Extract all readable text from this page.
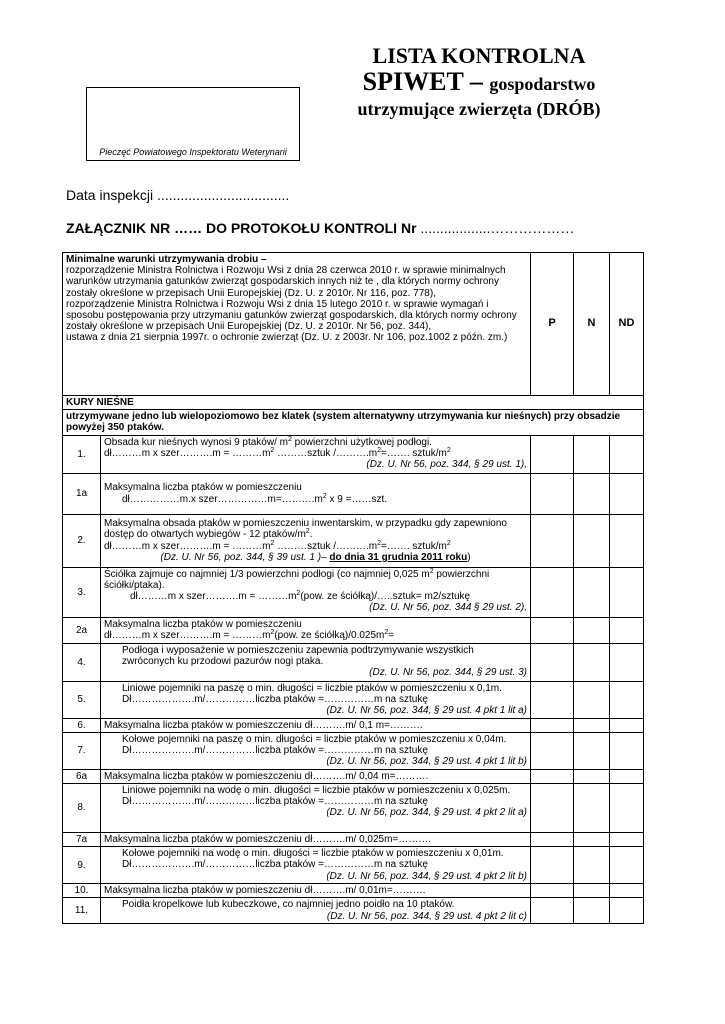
LISTA KONTROLNA
SPIWET – gospodarstwo
utrzymujące zwierzęta (DRÓB)
Pieczęć Powiatowego Inspektoratu Weterynarii
Data inspekcji ..................................
ZAŁĄCZNIK NR …… DO PROTOKOŁU KONTROLI Nr ..................………………
Minimalne warunki utrzymywania drobiu –
rozporządzenie Ministra Rolnictwa i Rozwoju Wsi z dnia 28 czerwca 2010 r. w sprawie minimalnych warunków utrzymania gatunków zwierząt gospodarskich innych niż te , dla których normy ochrony zostały określone w przepisach Unii Europejskiej (Dz. U. z 2010r. Nr 116, poz. 778),
rozporządzenie Ministra Rolnictwa i Rozwoju Wsi z dnia 15 lutego 2010 r. w sprawie wymagań i sposobu postępowania przy utrzymaniu gatunków zwierząt gospodarskich, dla których normy ochrony zostały określone w przepisach Unii Europejskiej (Dz. U. z 2010r. Nr 56, poz. 344),
ustawa z dnia 21 sierpnia 1997r. o ochronie zwierząt (Dz. U. z 2003r. Nr 106, poz.1002 z późn. zm.)		P	N	ND
KURY NIEŚNE				
utrzymywane jedno lub wielopoziomowo bez klatek (system alternatywny utrzymywania kur nieśnych) przy obsadzie powyżej 350 ptaków.				
1.	Obsada kur nieśnych wynosi 9 ptaków/ $m^2$ powierzchni użytkowej podłogi.
dł………m x szer……….m = $\dots\dots\dots m^2$ ………sztuk $/\dots\dots\dots.m^2=\dots\dots$. sztuk/$m^2$
(Dz. U. Nr 56, poz. 344, § 29 ust. 1),			

1a	Maksymalna liczba ptaków w pomieszczeniu
dł……………m.x $szer\dots\dots\dots\dots\dots m=\dots\dots\dots.m^2$ x 9 =……szt.			

2.	Maksymalna obsada ptaków w pomieszczeniu inwentarskim, w przypadku gdy zapewniono dostęp do otwartych wybiegów - 12 ptaków/$m^2$.
dł………m x szer……….m = $\dots\dots\dots m^2$ ………sztuk $/\dots\dots\dots.m^2=\dots\dots$. sztuk/$m^2$
(Dz. U. Nr 56, poz. 344, § 39 ust. 1 )– do dnia 31 grudnia 2011 roku)			

3.	Ściółka zajmuje co najmniej 1/3 powierzchni podłogi (co najmniej 0,025 $m^2$ powierzchni ściółki/ptaka).
dł………m x szer……….m = $\dots\dots\dots m^2(pow$. ze ściółką)/…..sztuk= m2/sztukę
(Dz. U. Nr 56, poz. 344 § 29 ust. 2),			

2a	Maksymalna liczba ptaków w pomieszczeniu
dł………m x szer……….m = $\dots\dots\dots m^2(pow$. ze $ściółką)/0.025m^2=$			

4.	Podłoga i wyposażenie w pomieszczeniu zapewnia podtrzymywanie wszystkich zwróconych ku przodowi pazurów nogi ptaka.
(Dz. U. Nr 56, poz. 344, § 29 ust. 3)			

5.	Liniowe pojemniki na paszę o min. długości = liczbie ptaków w pomieszczeniu x 0,1m.
Dł……………….m/……………liczba ptaków =……………m na sztukę
(Dz. U. Nr 56, poz. 344, § 29 ust. 4 pkt 1 lit a)			

6.	Maksymalna liczba ptaków w pomieszczeniu dł……….m/ 0,1 m=……….			
7.	Kołowe pojemniki na paszę o min. długości = liczbie ptaków w pomieszczeniu x 0,04m.
Dł……………….m/……………liczba ptaków =……………m na sztukę
(Dz. U. Nr 56, poz. 344, § 29 ust. 4 pkt 1 lit b)			

6a	Maksymalna liczba ptaków w pomieszczeniu dł……….m/ 0,04 m=……….			
8.	Liniowe pojemniki na wodę o min. długości = liczbie ptaków w pomieszczeniu x 0,025m.
Dł……………….m/……………liczba ptaków =……………m na sztukę
(Dz. U. Nr 56, poz. 344, § 29 ust. 4 pkt 2 lit a)			

7a	Maksymalna liczba ptaków w pomieszczeniu dł……….m/ 0,025m=……….			
9.	Kołowe pojemniki na wodę o min. długości = liczbie ptaków w pomieszczeniu x 0,01m.
Dł……………….m/……………liczba ptaków =……………m na sztukę
(Dz. U. Nr 56, poz. 344, § 29 ust. 4 pkt 2 lit b)			

10.	Maksymalna liczba ptaków w pomieszczeniu dł……….m/ 0,01m=……….			
11.	Poidła kropelkowe lub kubeczkowe, co najmniej jedno poidło na 10 ptaków.
(Dz. U. Nr 56, poz. 344, § 29 ust. 4 pkt 2 lit c)			
